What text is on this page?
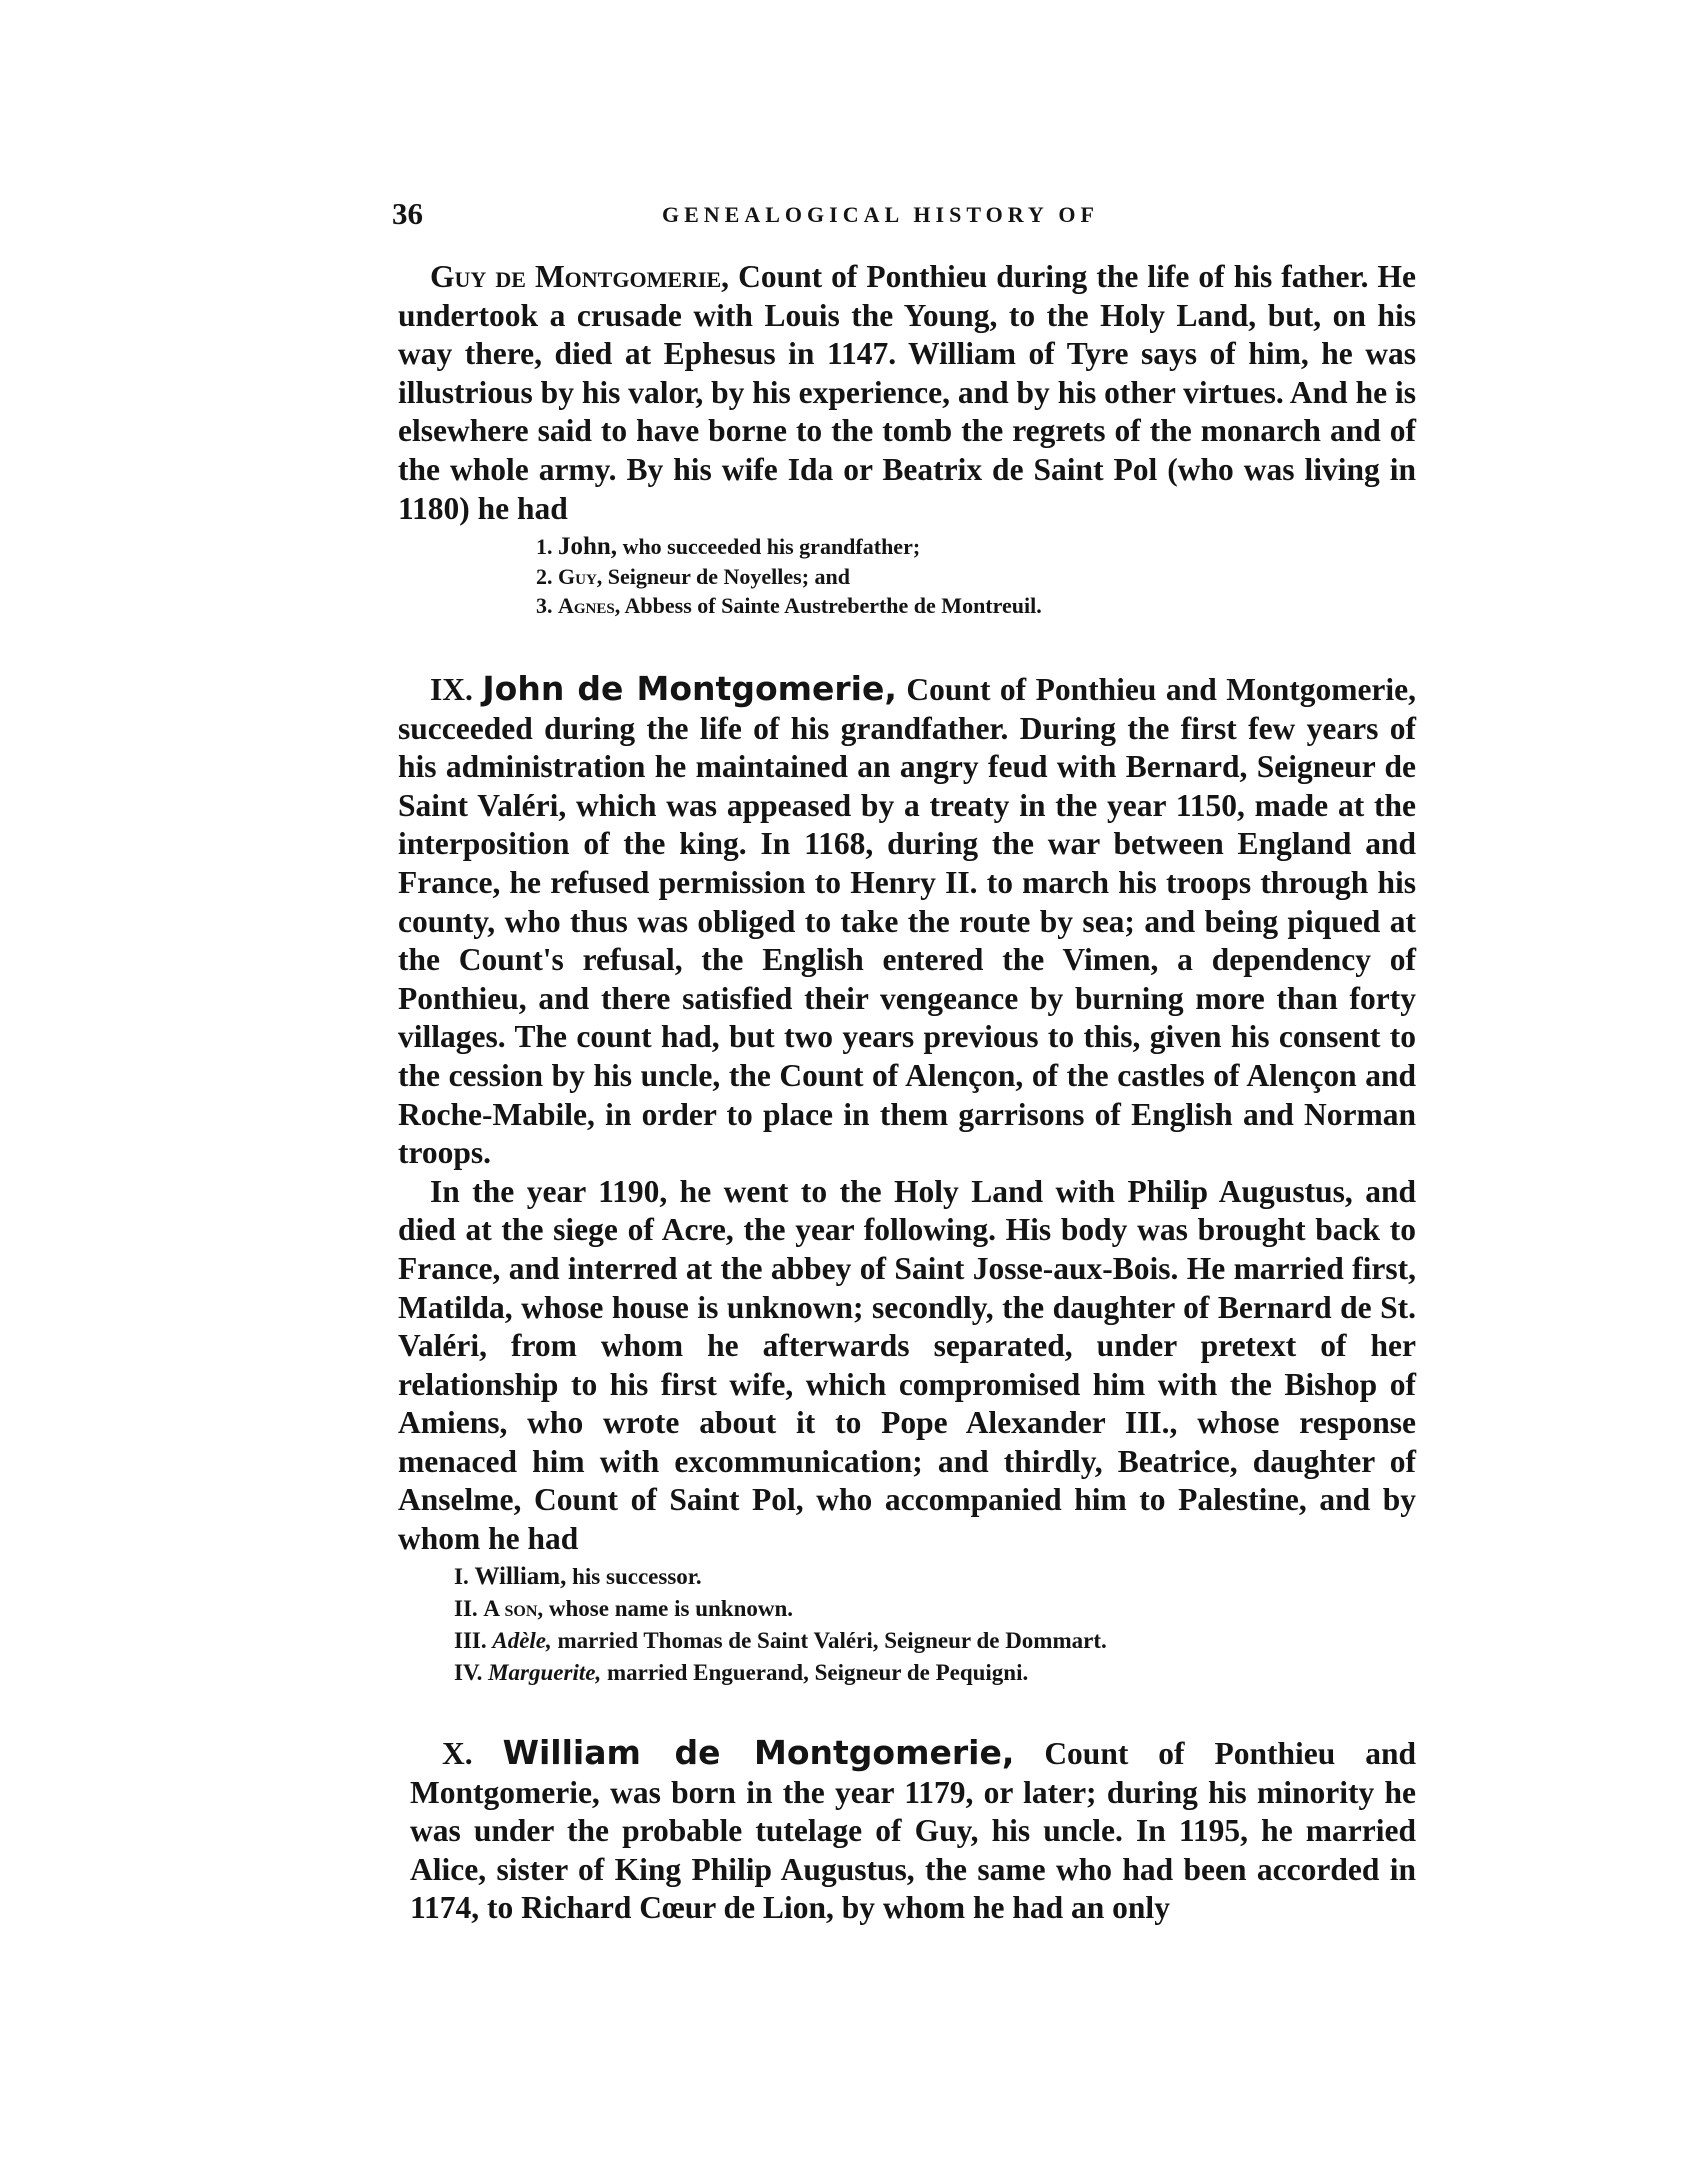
36	GENEALOGICAL HISTORY OF

Guy de Montgomerie, Count of Ponthieu during the life of his father. He undertook a crusade with Louis the Young, to the Holy Land, but, on his way there, died at Ephesus in 1147. William of Tyre says of him, he was illustrious by his valor, by his experience, and by his other virtues. And he is elsewhere said to have borne to the tomb the regrets of the monarch and of the whole army. By his wife Ida or Beatrix de Saint Pol (who was living in 1180) he had

1. John, who succeeded his grandfather;
2. Guy, Seigneur de Noyelles; and
3. Agnes, Abbess of Sainte Austreberthe de Montreuil.

IX. John de Montgomerie, Count of Ponthieu and Montgomerie, succeeded during the life of his grandfather. During the first few years of his administration he maintained an angry feud with Bernard, Seigneur de Saint Valéri, which was appeased by a treaty in the year 1150, made at the interposition of the king. In 1168, during the war between England and France, he refused permission to Henry II. to march his troops through his county, who thus was obliged to take the route by sea; and being piqued at the Count's refusal, the English entered the Vimen, a dependency of Ponthieu, and there satisfied their vengeance by burning more than forty villages. The count had, but two years previous to this, given his consent to the cession by his uncle, the Count of Alençon, of the castles of Alençon and Roche-Mabile, in order to place in them garrisons of English and Norman troops.

In the year 1190, he went to the Holy Land with Philip Augustus, and died at the siege of Acre, the year following. His body was brought back to France, and interred at the abbey of Saint Josse-aux-Bois. He married first, Matilda, whose house is unknown; secondly, the daughter of Bernard de St. Valéri, from whom he afterwards separated, under pretext of her relationship to his first wife, which compromised him with the Bishop of Amiens, who wrote about it to Pope Alexander III., whose response menaced him with excommunication; and thirdly, Beatrice, daughter of Anselme, Count of Saint Pol, who accompanied him to Palestine, and by whom he had

I. William, his successor.
II. A son, whose name is unknown.
III. Adèle, married Thomas de Saint Valéri, Seigneur de Dommart.
IV. Marguerite, married Enguerand, Seigneur de Pequigni.

X. William de Montgomerie, Count of Ponthieu and Montgomerie, was born in the year 1179, or later; during his minority he was under the probable tutelage of Guy, his uncle. In 1195, he married Alice, sister of King Philip Augustus, the same who had been accorded in 1174, to Richard Cœur de Lion, by whom he had an only
